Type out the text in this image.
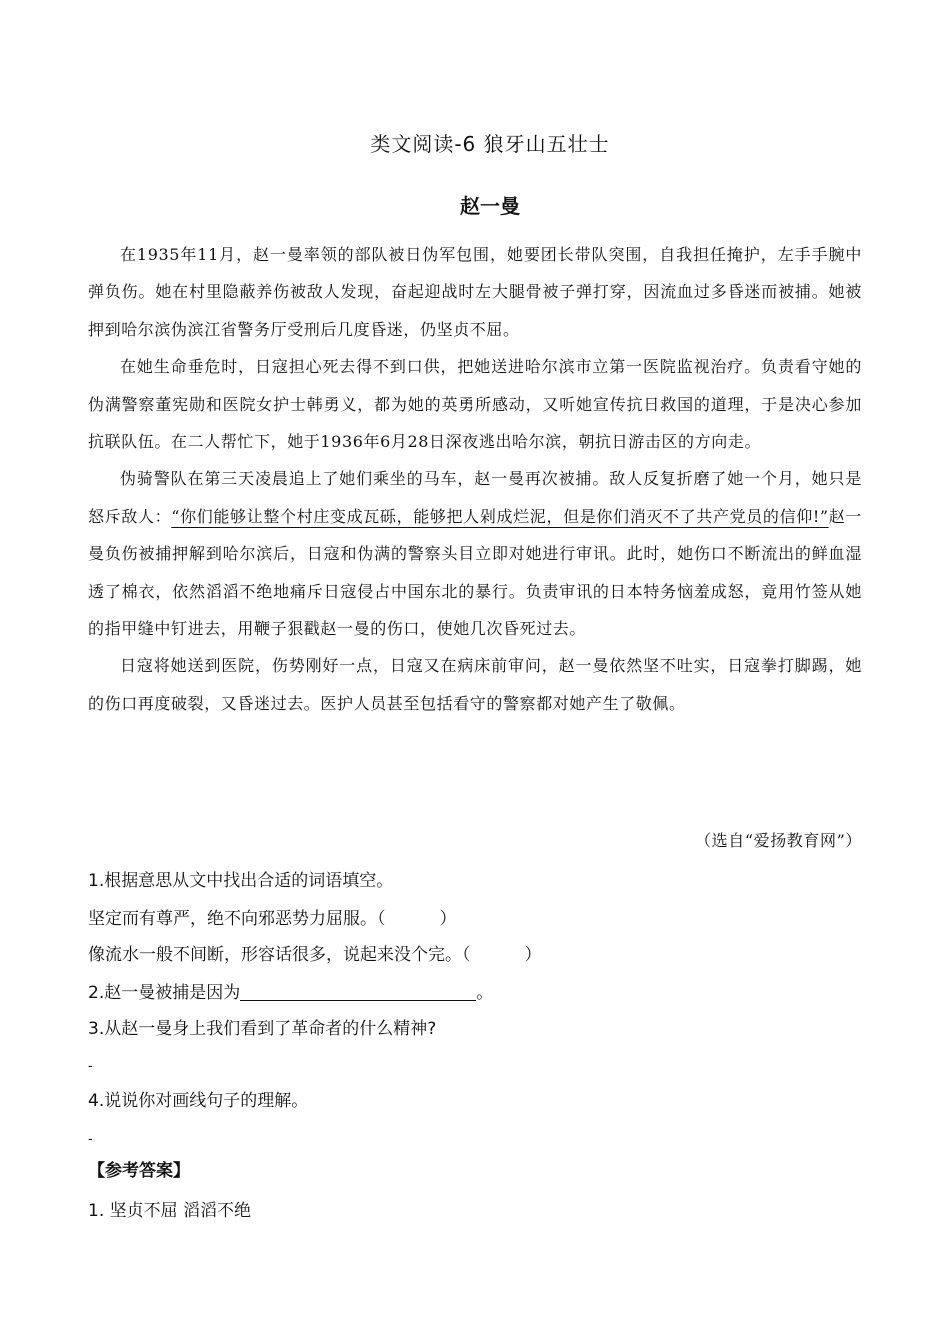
类文阅读-6 狼牙山五壮士
赵一曼

在1935年11月，赵一曼率领的部队被日伪军包围，她要团长带队突围，自我担任掩护，左手手腕中弹负伤。她在村里隐蔽养伤被敌人发现，奋起迎战时左大腿骨被子弹打穿，因流血过多昏迷而被捕。她被押到哈尔滨伪滨江省警务厅受刑后几度昏迷，仍坚贞不屈。

在她生命垂危时，日寇担心死去得不到口供，把她送进哈尔滨市立第一医院监视治疗。负责看守她的伪满警察董宪勋和医院女护士韩勇义，都为她的英勇所感动，又听她宣传抗日救国的道理，于是决心参加抗联队伍。在二人帮忙下，她于1936年6月28日深夜逃出哈尔滨，朝抗日游击区的方向走。

伪骑警队在第三天凌晨追上了她们乘坐的马车，赵一曼再次被捕。敌人反复折磨了她一个月，她只是怒斥敌人：“你们能够让整个村庄变成瓦砾，能够把人剁成烂泥，但是你们消灭不了共产党员的信仰!”赵一曼负伤被捕押解到哈尔滨后，日寇和伪满的警察头目立即对她进行审讯。此时，她伤口不断流出的鲜血湿透了棉衣，依然滔滔不绝地痛斥日寇侵占中国东北的暴行。负责审讯的日本特务恼羞成怒，竟用竹签从她的指甲缝中钉进去，用鞭子狠戳赵一曼的伤口，使她几次昏死过去。

日寇将她送到医院，伤势刚好一点，日寇又在病床前审问，赵一曼依然坚不吐实，日寇拳打脚踢，她的伤口再度破裂，又昏迷过去。医护人员甚至包括看守的警察都对她产生了敬佩。

（选自“爱扬教育网”）
1.根据意思从文中找出合适的词语填空。
坚定而有尊严，绝不向邪恶势力屈服。（	）
像流水一般不间断，形容话很多，说起来没个完。（	）
2.赵一曼被捕是因为	。
3.从赵一曼身上我们看到了革命者的什么精神?
-
4.说说你对画线句子的理解。
-
【参考答案】
1. 坚贞不屈 滔滔不绝
